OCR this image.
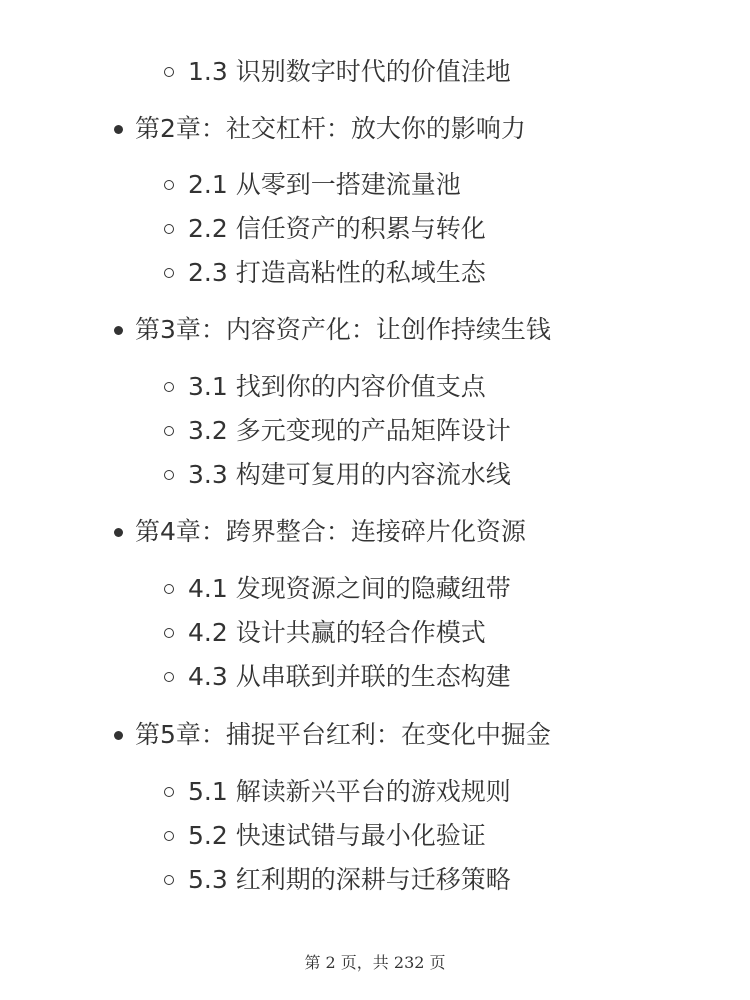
1.3 识别数字时代的价值洼地
第2章：社交杠杆：放大你的影响力
2.1 从零到一搭建流量池
2.2 信任资产的积累与转化
2.3 打造高粘性的私域生态
第3章：内容资产化：让创作持续生钱
3.1 找到你的内容价值支点
3.2 多元变现的产品矩阵设计
3.3 构建可复用的内容流水线
第4章：跨界整合：连接碎片化资源
4.1 发现资源之间的隐藏纽带
4.2 设计共赢的轻合作模式
4.3 从串联到并联的生态构建
第5章：捕捉平台红利：在变化中掘金
5.1 解读新兴平台的游戏规则
5.2 快速试错与最小化验证
5.3 红利期的深耕与迁移策略
第 2 页，共 232 页
